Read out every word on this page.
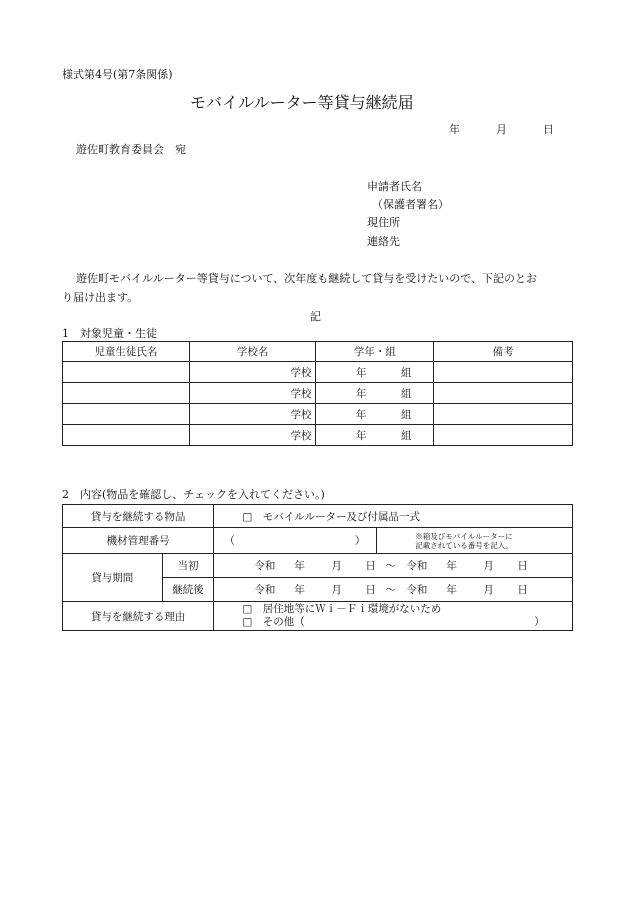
様式第4号(第7条関係)
モバイルルーター等貸与継続届
年	月	日
遊佐町教育委員会　宛
申請者氏名
（保護者署名）
現住所
連絡先
遊佐町モバイルルーター等貸与について、次年度も継続して貸与を受けたいので、下記のとお
り届け出ます。
記
1　対象児童・生徒
児童生徒氏名	学校名	学年・組	備考
	学校	年 組	
	学校	年 組	
	学校	年 組	
	学校	年 組	
2　内容(物品を確認し、チェックを入れてください。)
貸与を継続する物品		□　モバイルルーター及び付属品一式	
機材管理番号		（ ）	※箱及びモバイルルーターに
記載されている番号を記入。

貸与期間	当初	令和 年 月 日 ～ 令和 年 月 日	
	継続後	令和 年 月 日 ～ 令和 年 月 日	
貸与を継続する理由		□　居住地等にＷｉ－Ｆｉ環境がないため
□　その他（ ）	
